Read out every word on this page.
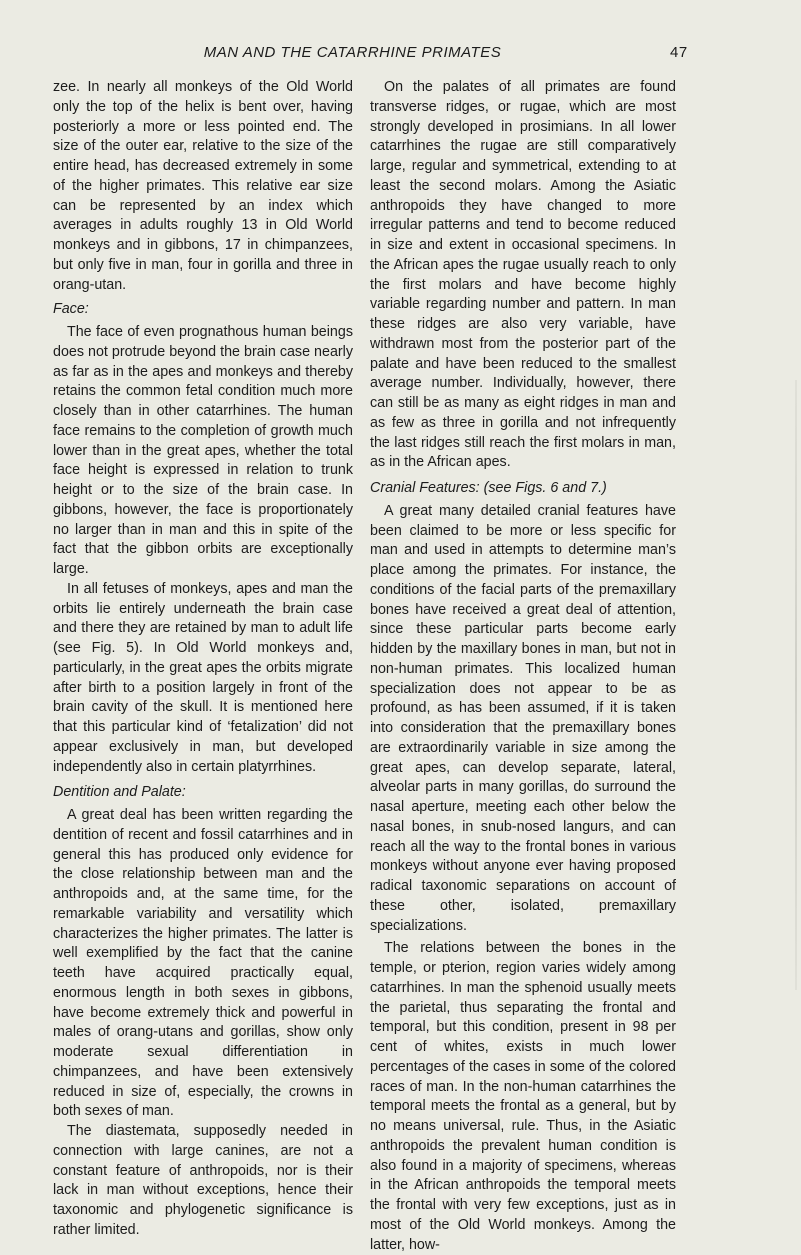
MAN AND THE CATARRHINE PRIMATES	47

zee. In nearly all monkeys of the Old World only the top of the helix is bent over, having posteriorly a more or less pointed end. The size of the outer ear, relative to the size of the entire head, has decreased extremely in some of the higher primates. This relative ear size can be represented by an index which averages in adults roughly 13 in Old World monkeys and in gibbons, 17 in chimpanzees, but only five in man, four in gorilla and three in orang-utan.

Face:

The face of even prognathous human beings does not protrude beyond the brain case nearly as far as in the apes and monkeys and thereby retains the common fetal condition much more closely than in other catarrhines. The human face remains to the completion of growth much lower than in the great apes, whether the total face height is expressed in relation to trunk height or to the size of the brain case. In gibbons, however, the face is proportionately no larger than in man and this in spite of the fact that the gibbon orbits are exceptionally large.

In all fetuses of monkeys, apes and man the orbits lie entirely underneath the brain case and there they are retained by man to adult life (see Fig. 5). In Old World monkeys and, particularly, in the great apes the orbits migrate after birth to a position largely in front of the brain cavity of the skull. It is mentioned here that this particular kind of ‘fetalization’ did not appear exclusively in man, but developed independently also in certain platyrrhines.

Dentition and Palate:

A great deal has been written regarding the dentition of recent and fossil catarrhines and in general this has produced only evidence for the close relationship between man and the anthropoids and, at the same time, for the remarkable variability and versatility which characterizes the higher primates. The latter is well exemplified by the fact that the canine teeth have acquired practically equal, enormous length in both sexes in gibbons, have become extremely thick and powerful in males of orang-utans and gorillas, show only moderate sexual differentiation in chimpanzees, and have been extensively reduced in size of, especially, the crowns in both sexes of man.

The diastemata, supposedly needed in connection with large canines, are not a constant feature of anthropoids, nor is their lack in man without exceptions, hence their taxonomic and phylogenetic significance is rather limited.

On the palates of all primates are found transverse ridges, or rugae, which are most strongly developed in prosimians. In all lower catarrhines the rugae are still comparatively large, regular and symmetrical, extending to at least the second molars. Among the Asiatic anthropoids they have changed to more irregular patterns and tend to become reduced in size and extent in occasional specimens. In the African apes the rugae usually reach to only the first molars and have become highly variable regarding number and pattern. In man these ridges are also very variable, have withdrawn most from the posterior part of the palate and have been reduced to the smallest average number. Individually, however, there can still be as many as eight ridges in man and as few as three in gorilla and not infrequently the last ridges still reach the first molars in man, as in the African apes.

Cranial Features: (see Figs. 6 and 7.)

A great many detailed cranial features have been claimed to be more or less specific for man and used in attempts to determine man’s place among the primates. For instance, the conditions of the facial parts of the premaxillary bones have received a great deal of attention, since these particular parts become early hidden by the maxillary bones in man, but not in non-human primates. This localized human specialization does not appear to be as profound, as has been assumed, if it is taken into consideration that the premaxillary bones are extraordinarily variable in size among the great apes, can develop separate, lateral, alveolar parts in many gorillas, do surround the nasal aperture, meeting each other below the nasal bones, in snub-nosed langurs, and can reach all the way to the frontal bones in various monkeys without anyone ever having proposed radical taxonomic separations on account of these other, isolated, premaxillary specializations.

The relations between the bones in the temple, or pterion, region varies widely among catarrhines. In man the sphenoid usually meets the parietal, thus separating the frontal and temporal, but this condition, present in 98 per cent of whites, exists in much lower percentages of the cases in some of the colored races of man. In the non-human catarrhines the temporal meets the frontal as a general, but by no means universal, rule. Thus, in the Asiatic anthropoids the prevalent human condition is also found in a majority of specimens, whereas in the African anthropoids the temporal meets the frontal with very few exceptions, just as in most of the Old World monkeys. Among the latter, how-
